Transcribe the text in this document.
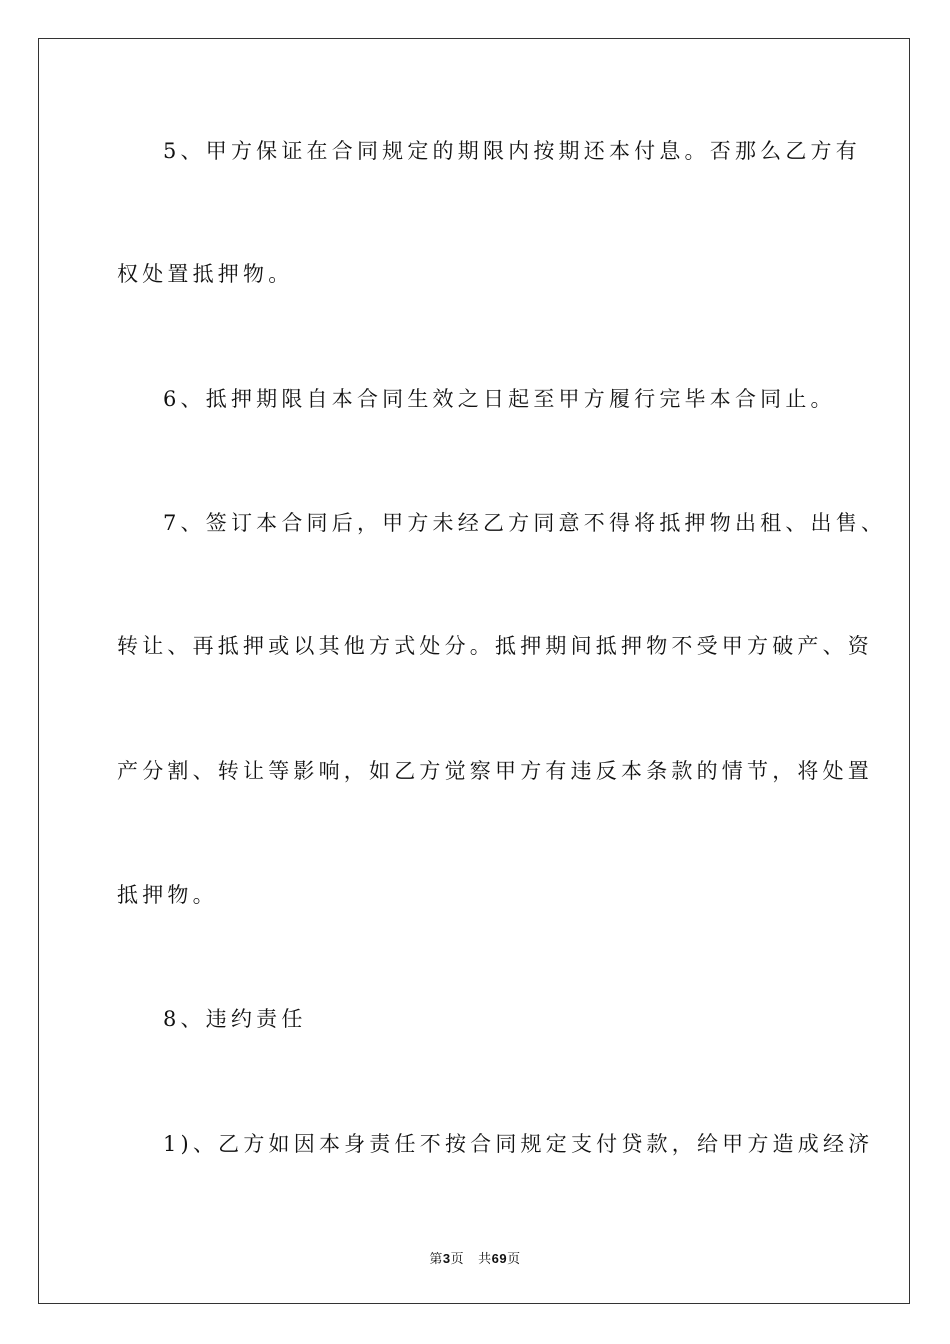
5、甲方保证在合同规定的期限内按期还本付息。否那么乙方有
权处置抵押物。
6、抵押期限自本合同生效之日起至甲方履行完毕本合同止。
7、签订本合同后，甲方未经乙方同意不得将抵押物出租、出售、
转让、再抵押或以其他方式处分。抵押期间抵押物不受甲方破产、资
产分割、转让等影响，如乙方觉察甲方有违反本条款的情节，将处置
抵押物。
8、违约责任
1)、乙方如因本身责任不按合同规定支付贷款，给甲方造成经济
第3页 共69页
